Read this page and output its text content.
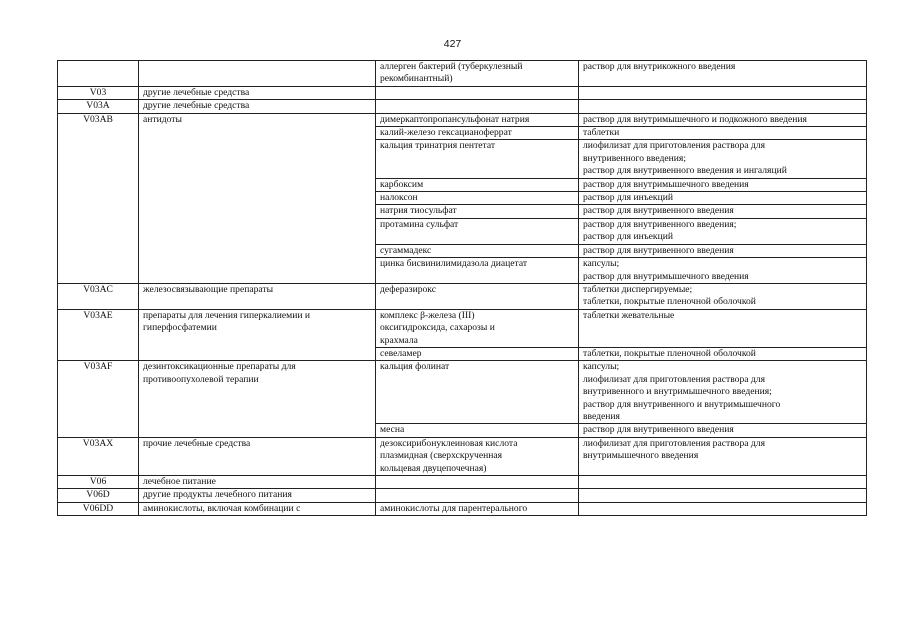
427

		аллерген бактерий (туберкулезный
рекомбинантный)	раствор для внутрикожного введения

V03	другие лечебные средства		

V03A	другие лечебные средства		

V03AB	антидоты	димеркаптопропансульфонат натрия	раствор для внутримышечного и подкожного введения

		калий-железо гексацианоферрат	таблетки

		кальция тринатрия пентетат	лиофилизат для приготовления раствора для
внутривенного введения;
раствор для внутривенного введения и ингаляций

		карбоксим	раствор для внутримышечного введения

		налоксон	раствор для инъекций

		натрия тиосульфат	раствор для внутривенного введения

		протамина сульфат	раствор для внутривенного введения;
раствор для инъекций

		сугаммадекс	раствор для внутривенного введения

		цинка бисвинилимидазола диацетат	капсулы;
раствор для внутримышечного введения

V03AC	железосвязывающие препараты	деферазирокс	таблетки диспергируемые;
таблетки, покрытые пленочной оболочкой

V03AE	препараты для лечения гиперкалиемии и
гиперфосфатемии	комплекс β-железа (III)
оксигидроксида, сахарозы и
крахмала	таблетки жевательные

		севеламер	таблетки, покрытые пленочной оболочкой

V03AF	дезинтоксикационные препараты для
противоопухолевой терапии	кальция фолинат	капсулы;
лиофилизат для приготовления раствора для
внутривенного и внутримышечного введения;
раствор для внутривенного и внутримышечного
введения

		месна	раствор для внутривенного введения

V03AX	прочие лечебные средства	дезоксирибонуклеиновая кислота
плазмидная (сверхскрученная
кольцевая двуцепочечная)	лиофилизат для приготовления раствора для
внутримышечного введения

V06	лечебное питание		

V06D	другие продукты лечебного питания		

V06DD	аминокислоты, включая комбинации с	аминокислоты для парентерального	
